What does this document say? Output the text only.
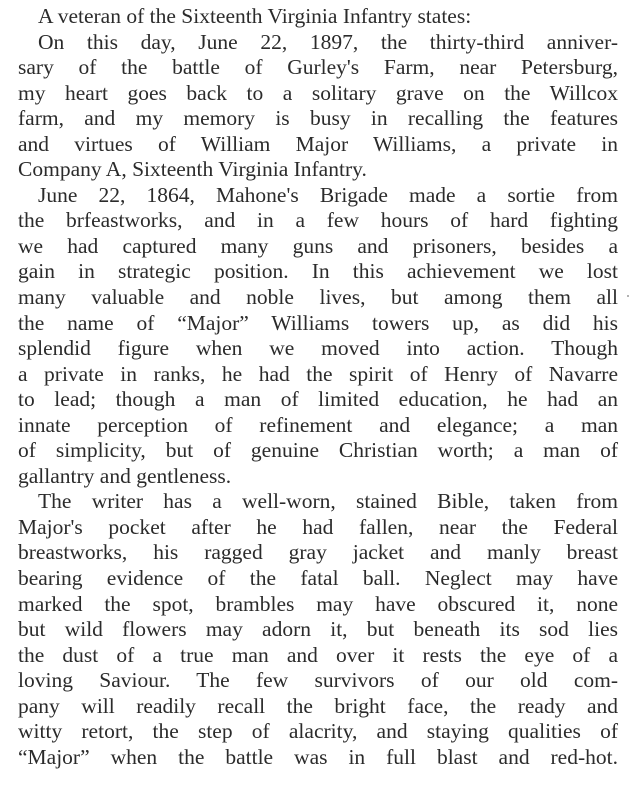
A veteran of the Sixteenth Virginia Infantry states:
On this day, June 22, 1897, the thirty-third anniver-
sary of the battle of Gurley's Farm, near Petersburg,
my heart goes back to a solitary grave on the Willcox
farm, and my memory is busy in recalling the features
and virtues of William Major Williams, a private in
Company A, Sixteenth Virginia Infantry.
June 22, 1864, Mahone's Brigade made a sortie from
the brfeastworks, and in a few hours of hard fighting
we had captured many guns and prisoners, besides a
gain in strategic position. In this achievement we lost
many valuable and noble lives, but among them all
the name of “Major” Williams towers up, as did his
splendid figure when we moved into action. Though
a private in ranks, he had the spirit of Henry of Navarre
to lead; though a man of limited education, he had an
innate perception of refinement and elegance; a man
of simplicity, but of genuine Christian worth; a man of
gallantry and gentleness.
The writer has a well-worn, stained Bible, taken from
Major's pocket after he had fallen, near the Federal
breastworks, his ragged gray jacket and manly breast
bearing evidence of the fatal ball. Neglect may have
marked the spot, brambles may have obscured it, none
but wild flowers may adorn it, but beneath its sod lies
the dust of a true man and over it rests the eye of a
loving Saviour. The few survivors of our old com-
pany will readily recall the bright face, the ready and
witty retort, the step of alacrity, and staying qualities of
“Major” when the battle was in full blast and red-hot.
